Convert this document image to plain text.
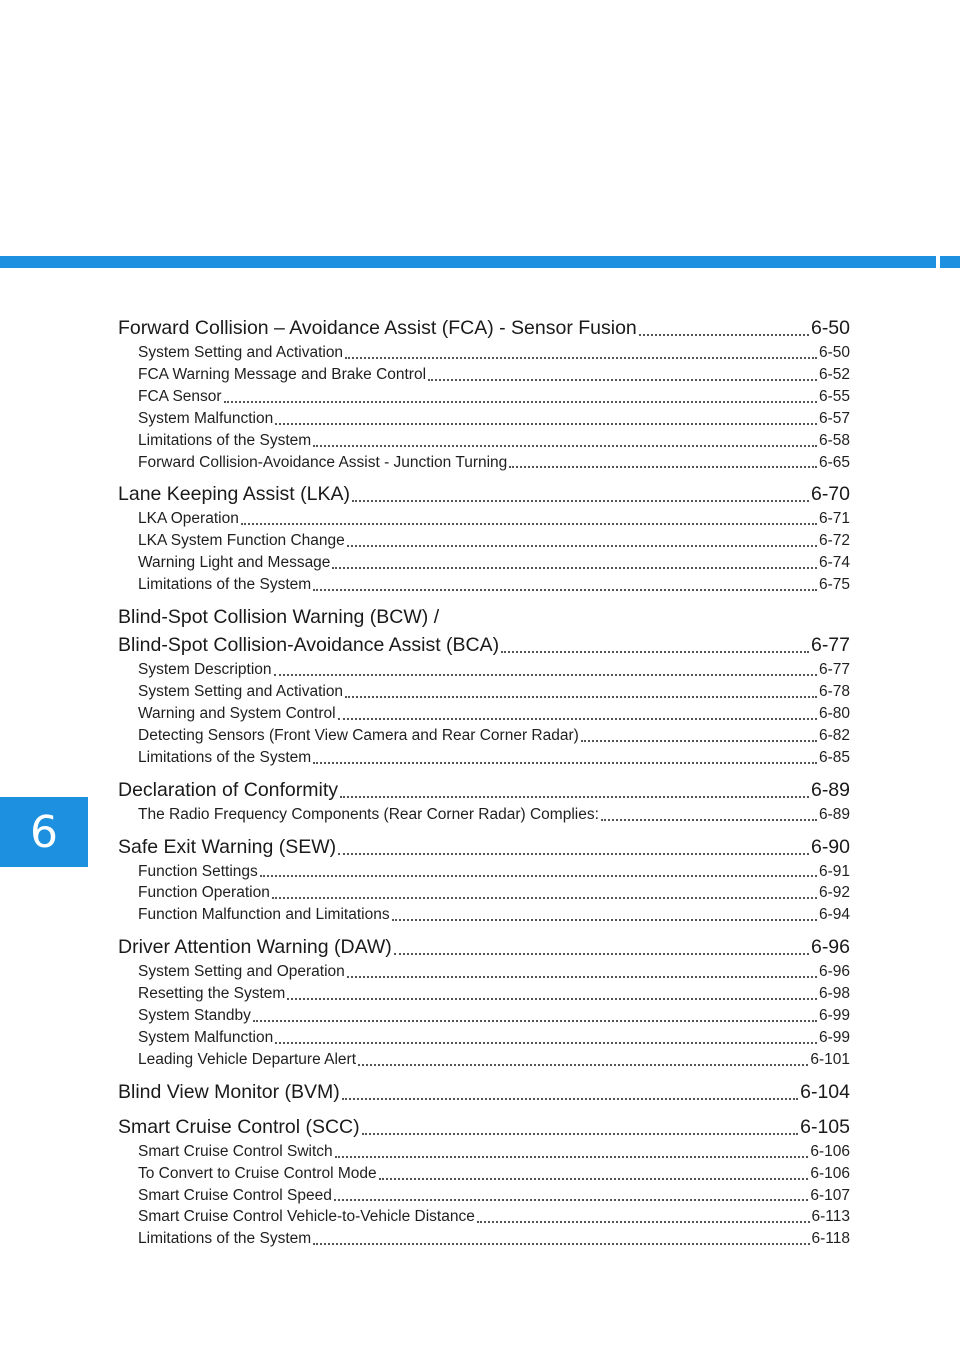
6
Forward Collision – Avoidance Assist (FCA) - Sensor Fusion	6-50
System Setting and Activation	6-50
FCA Warning Message and Brake Control	6-52
FCA Sensor	6-55
System Malfunction	6-57
Limitations of the System	6-58
Forward Collision-Avoidance Assist - Junction Turning	6-65
Lane Keeping Assist (LKA)	6-70
LKA Operation	6-71
LKA System Function Change	6-72
Warning Light and Message	6-74
Limitations of the System	6-75
Blind-Spot Collision Warning (BCW) /
Blind-Spot Collision-Avoidance Assist (BCA)	6-77
System Description	6-77
System Setting and Activation	6-78
Warning and System Control	6-80
Detecting Sensors (Front View Camera and Rear Corner Radar)	6-82
Limitations of the System	6-85
Declaration of Conformity	6-89
The Radio Frequency Components (Rear Corner Radar) Complies:	6-89
Safe Exit Warning (SEW)	6-90
Function Settings	6-91
Function Operation	6-92
Function Malfunction and Limitations	6-94
Driver Attention Warning (DAW)	6-96
System Setting and Operation	6-96
Resetting the System	6-98
System Standby	6-99
System Malfunction	6-99
Leading Vehicle Departure Alert	6-101
Blind View Monitor (BVM)	6-104
Smart Cruise Control (SCC)	6-105
Smart Cruise Control Switch	6-106
To Convert to Cruise Control Mode	6-106
Smart Cruise Control Speed	6-107
Smart Cruise Control Vehicle-to-Vehicle Distance	6-113
Limitations of the System	6-118
